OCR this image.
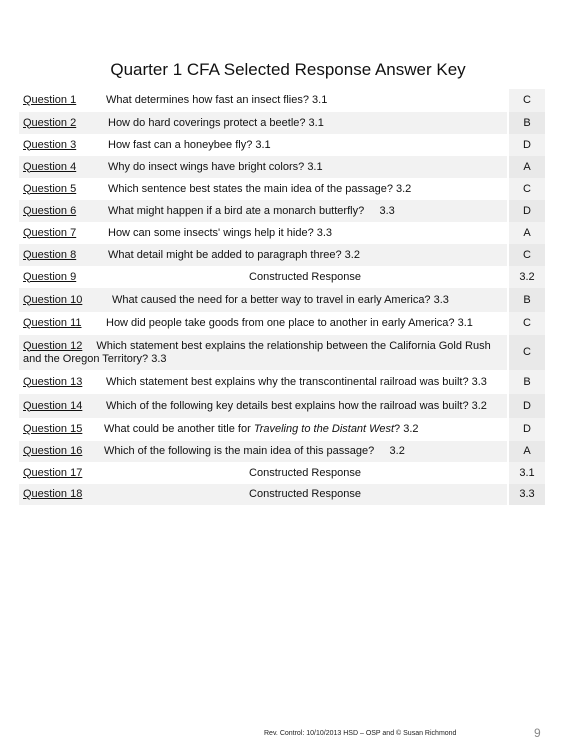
Quarter 1 CFA Selected Response Answer Key
Question 1	What determines how fast an insect flies? 3.1	C
Question 2	How do hard coverings protect a beetle? 3.1	B
Question 3	How fast can a honeybee fly? 3.1	D
Question 4	Why do insect wings have bright colors? 3.1	A
Question 5	Which sentence best states the main idea of the passage? 3.2	C
Question 6	What might happen if a bird ate a monarch butterfly?     3.3	D
Question 7	How can some insects' wings help it hide? 3.3	A
Question 8	What detail might be added to paragraph three? 3.2	C
Question 9	Constructed Response	3.2
Question 10	What caused the need for a better way to travel in early America? 3.3	B
Question 11	How did people take goods from one place to another in early America? 3.1	C
Question 12 Which statement best explains the relationship between the California Gold Rush and the Oregon Territory? 3.3		C
Question 13	Which statement best explains why the transcontinental railroad was built? 3.3	B
Question 14	Which of the following key details best explains how the railroad was built? 3.2	D
Question 15	What could be another title for Traveling to the Distant West? 3.2	D
Question 16	Which of the following is the main idea of this passage?     3.2	A
Question 17	Constructed Response	3.1
Question 18	Constructed Response	3.3
Rev. Control: 10/10/2013 HSD – OSP and © Susan Richmond	9
